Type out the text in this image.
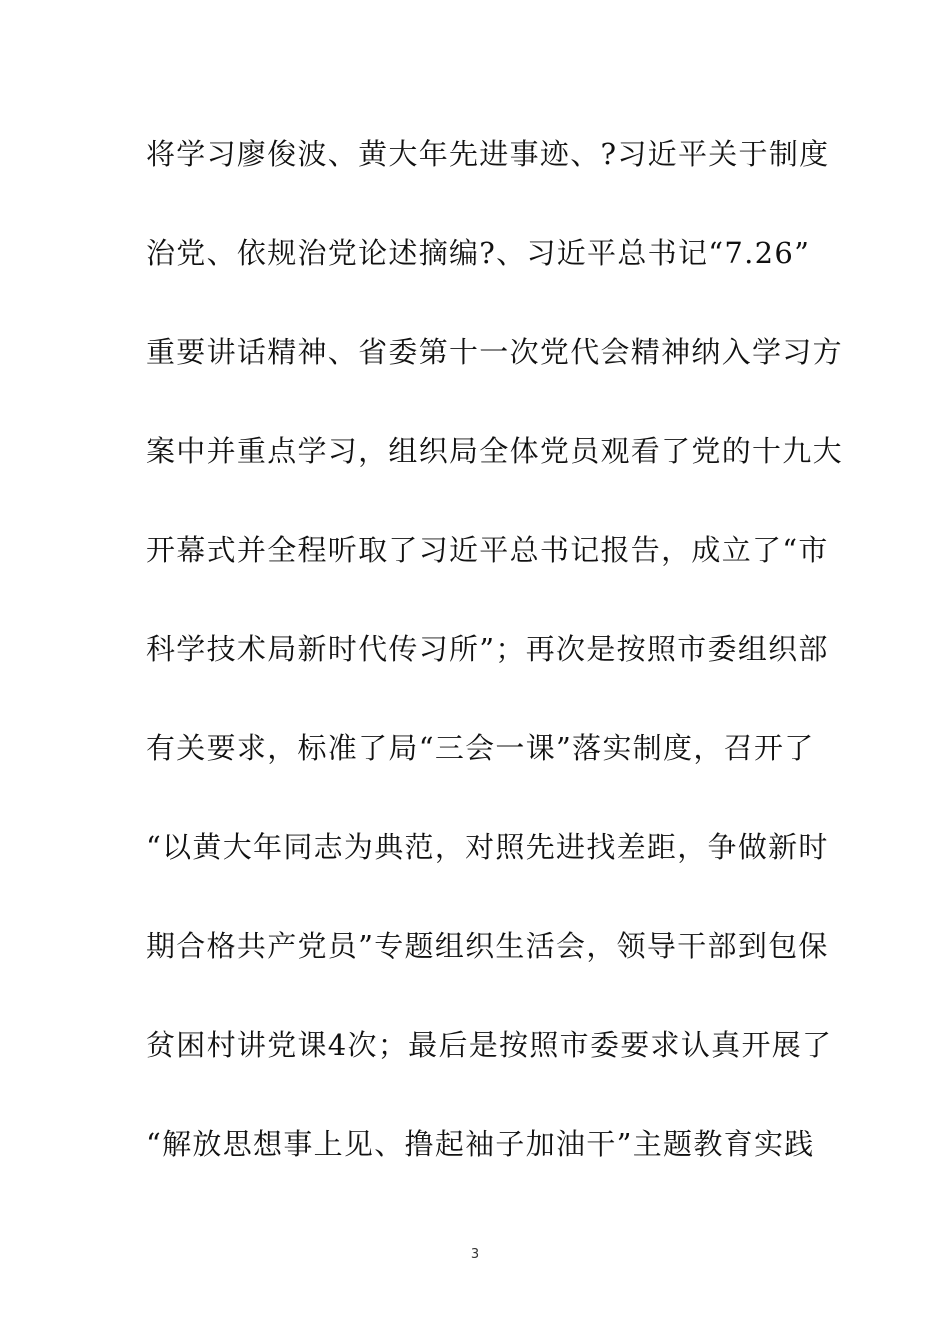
将学习廖俊波、黄大年先进事迹、?习近平关于制度
治党、依规治党论述摘编?、习近平总书记“7.26”
重要讲话精神、省委第十一次党代会精神纳入学习方
案中并重点学习，组织局全体党员观看了党的十九大
开幕式并全程听取了习近平总书记报告，成立了“市
科学技术局新时代传习所”；再次是按照市委组织部
有关要求，标准了局“三会一课”落实制度，召开了
“以黄大年同志为典范，对照先进找差距，争做新时
期合格共产党员”专题组织生活会，领导干部到包保
贫困村讲党课4次；最后是按照市委要求认真开展了
“解放思想事上见、撸起袖子加油干”主题教育实践
3
